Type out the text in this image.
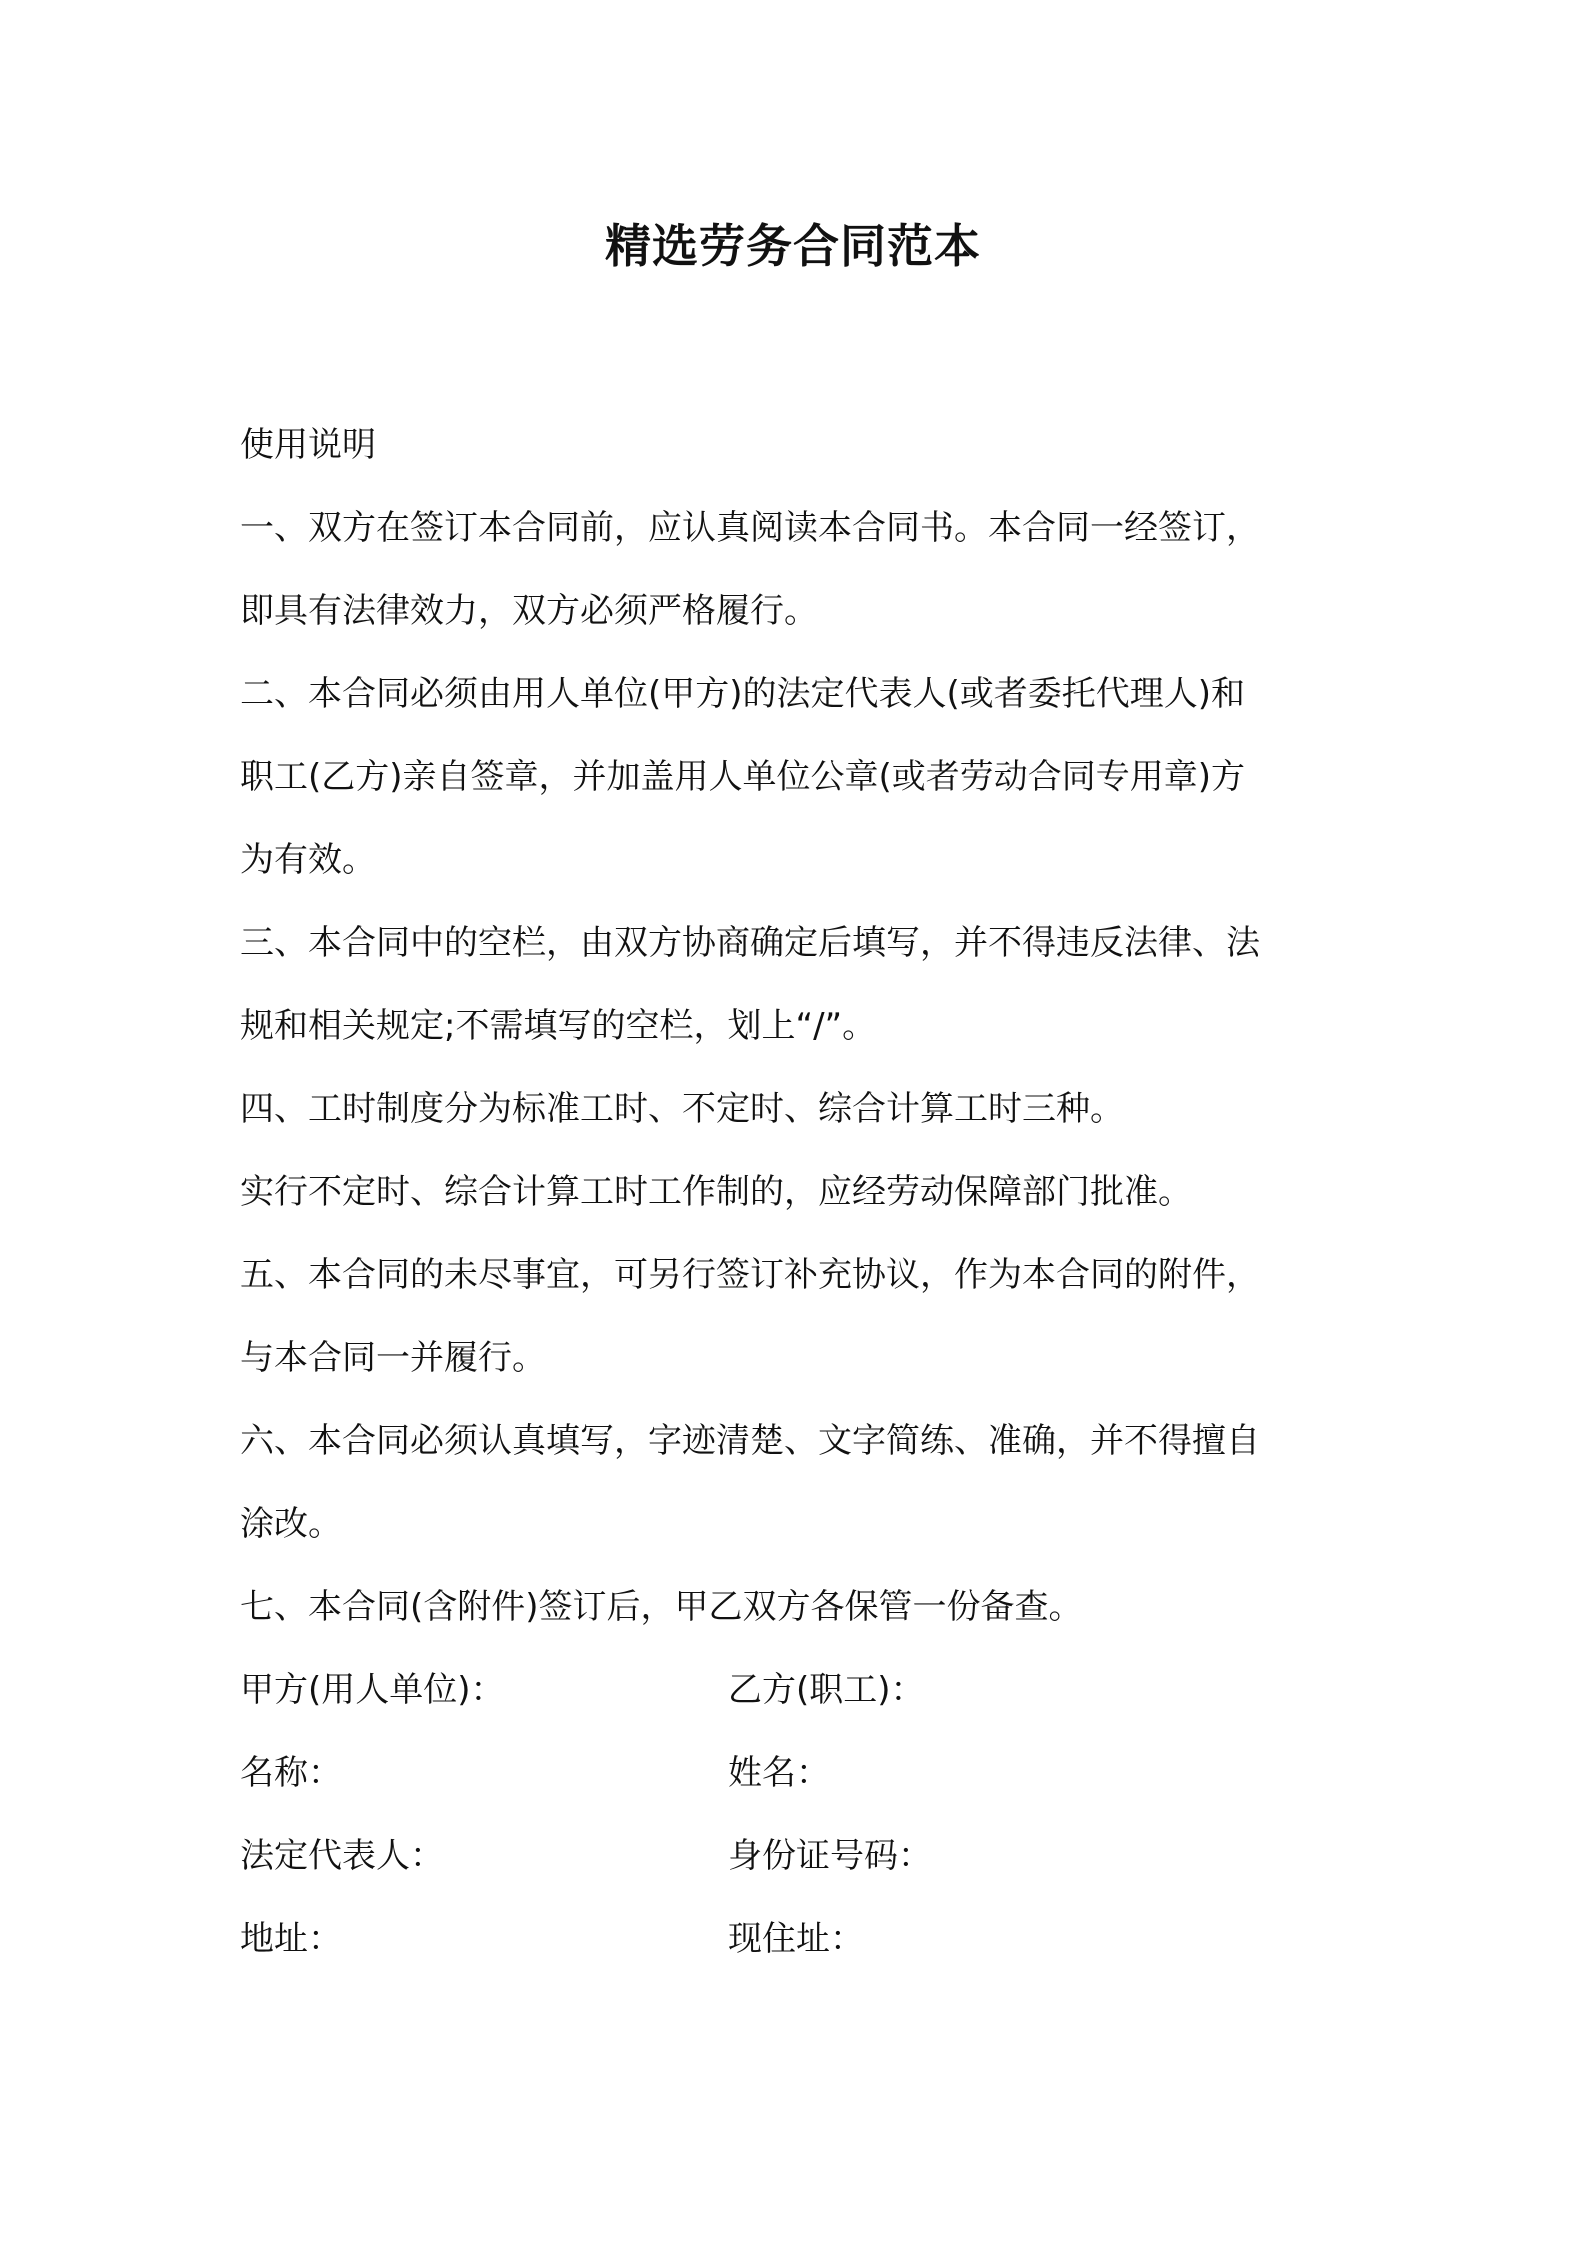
精选劳务合同范本

使用说明

一、双方在签订本合同前，应认真阅读本合同书。本合同一经签订，

即具有法律效力，双方必须严格履行。

二、本合同必须由用人单位(甲方)的法定代表人(或者委托代理人)和

职工(乙方)亲自签章，并加盖用人单位公章(或者劳动合同专用章)方

为有效。

三、本合同中的空栏，由双方协商确定后填写，并不得违反法律、法

规和相关规定;不需填写的空栏，划上“/”。

四、工时制度分为标准工时、不定时、综合计算工时三种。

实行不定时、综合计算工时工作制的，应经劳动保障部门批准。

五、本合同的未尽事宜，可另行签订补充协议，作为本合同的附件，

与本合同一并履行。

六、本合同必须认真填写，字迹清楚、文字简练、准确，并不得擅自

涂改。

七、本合同(含附件)签订后，甲乙双方各保管一份备查。

甲方(用人单位)：	乙方(职工)：
名称：	姓名：
法定代表人：	身份证号码：
地址：	现住址：
